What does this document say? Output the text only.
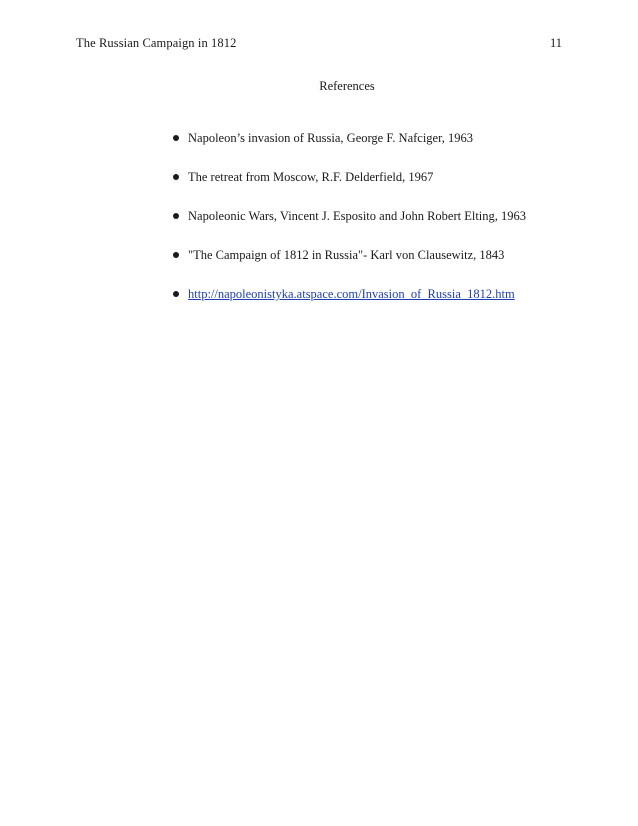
The Russian Campaign in 1812	11
References
Napoleon’s invasion of Russia, George F. Nafciger, 1963
The retreat from Moscow, R.F. Delderfield, 1967
Napoleonic Wars, Vincent J. Esposito and John Robert Elting, 1963
"The Campaign of 1812 in Russia"- Karl von Clausewitz, 1843
http://napoleonistyka.atspace.com/Invasion_of_Russia_1812.htm
